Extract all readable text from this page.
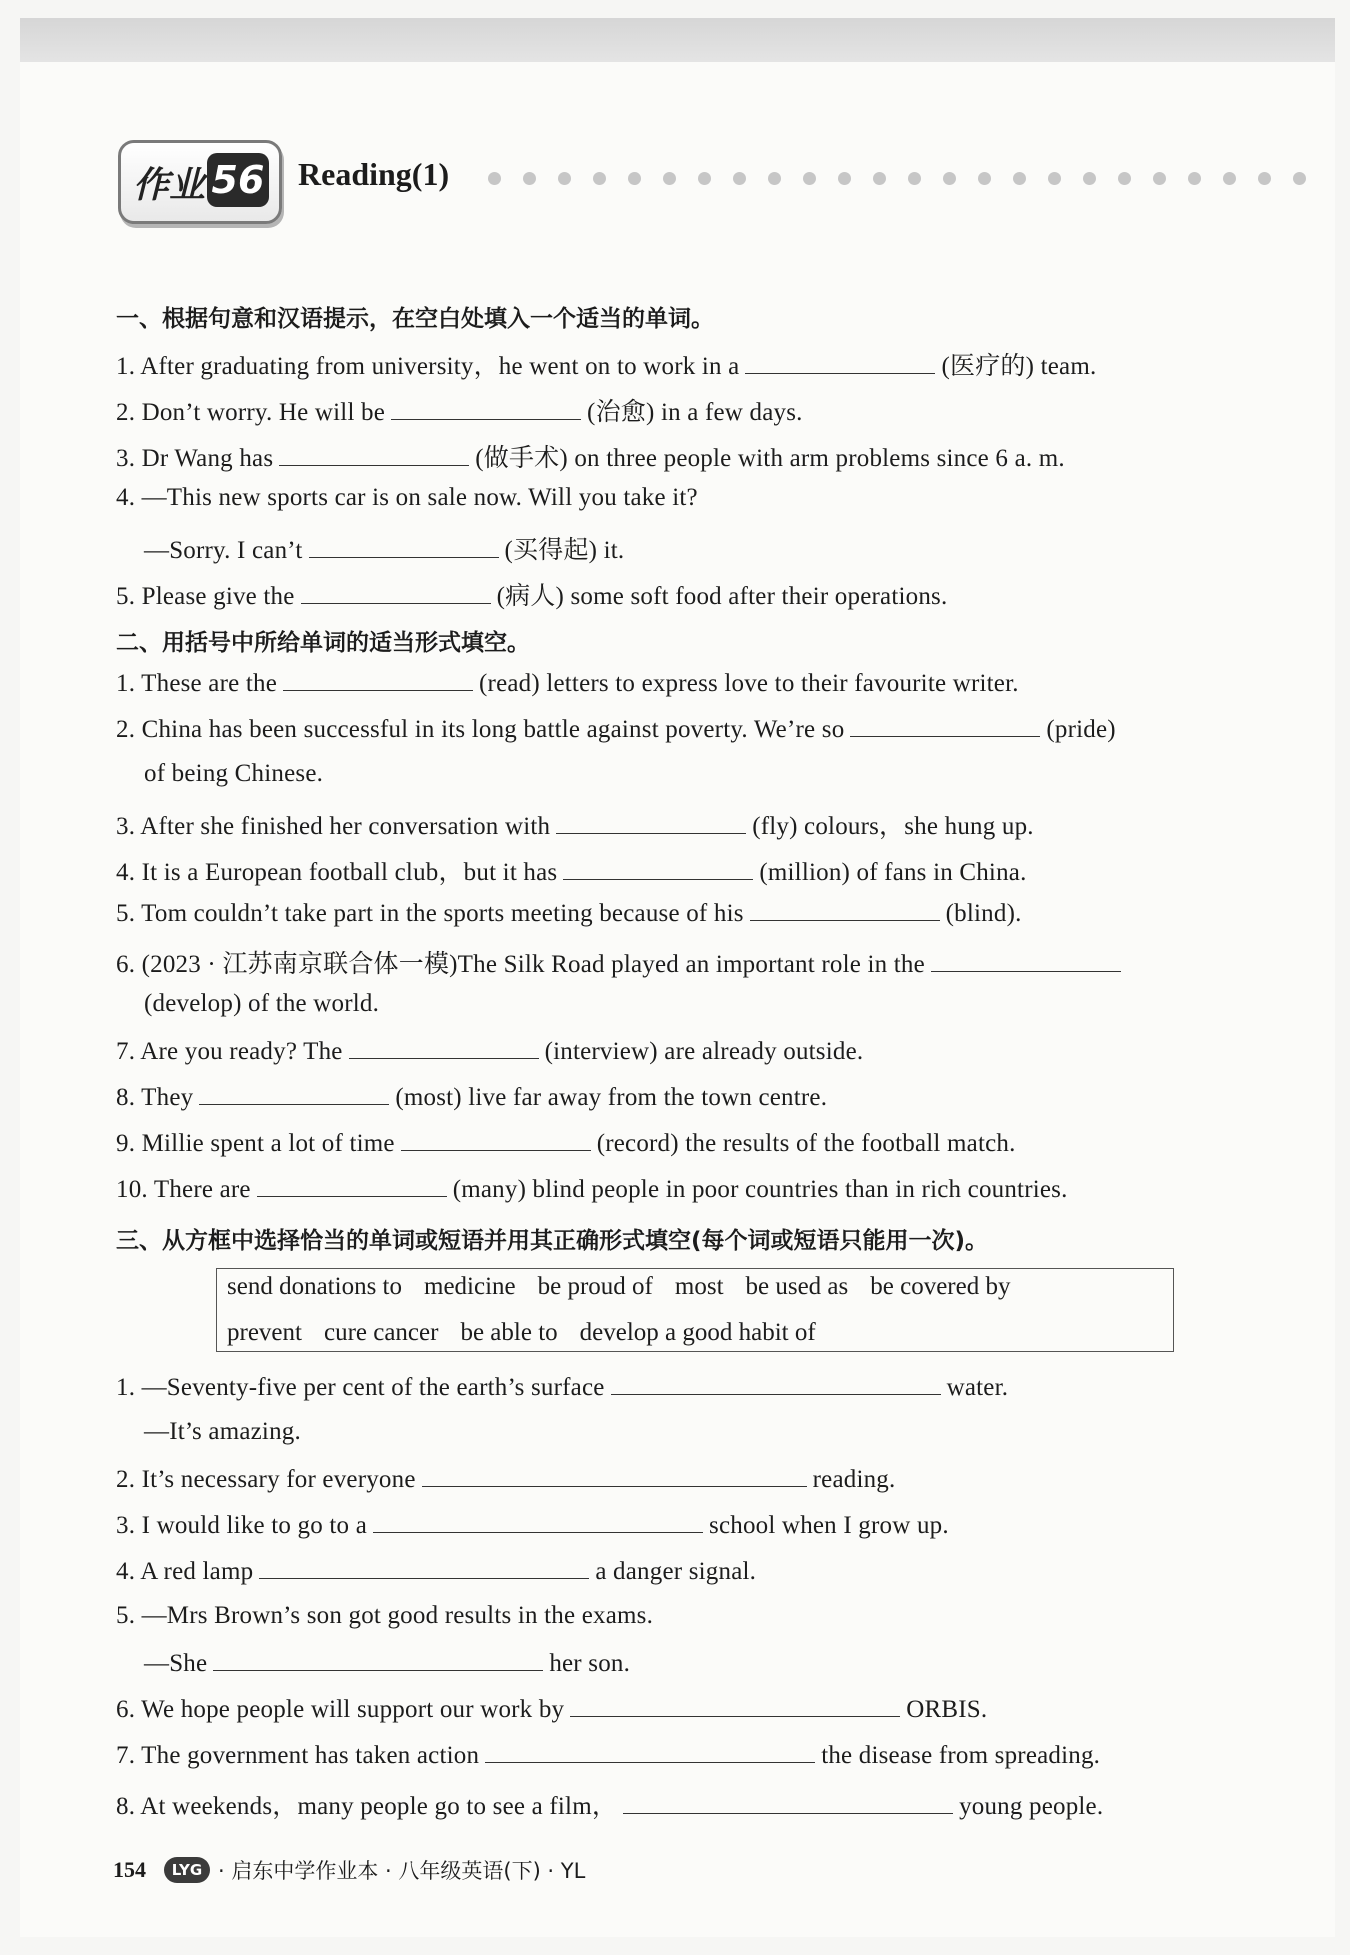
作业 56 Reading(1)
一、根据句意和汉语提示，在空白处填入一个适当的单词。
1. After graduating from university，he went on to work in a	(医疗的) team.
2. Don’t worry. He will be	(治愈) in a few days.
3. Dr Wang has	(做手术) on three people with arm problems since 6 a. m.
4. —This new sports car is on sale now. Will you take it?
—Sorry. I can’t	(买得起) it.
5. Please give the	(病人) some soft food after their operations.
二、用括号中所给单词的适当形式填空。
1. These are the	(read) letters to express love to their favourite writer.
2. China has been successful in its long battle against poverty. We’re so	(pride)
of being Chinese.
3. After she finished her conversation with	(fly) colours，she hung up.
4. It is a European football club，but it has	(million) of fans in China.
5. Tom couldn’t take part in the sports meeting because of his	(blind).
6. (2023 · 江苏南京联合体一模)The Silk Road played an important role in the
(develop) of the world.
7. Are you ready? The	(interview) are already outside.
8. They	(most) live far away from the town centre.
9. Millie spent a lot of time	(record) the results of the football match.
10. There are	(many) blind people in poor countries than in rich countries.
三、从方框中选择恰当的单词或短语并用其正确形式填空(每个词或短语只能用一次)。
send donations to medicine be proud of most be used as be covered by
prevent cure cancer be able to develop a good habit of
1. —Seventy-five per cent of the earth’s surface	water.
—It’s amazing.
2. It’s necessary for everyone	reading.
3. I would like to go to a	school when I grow up.
4. A red lamp	a danger signal.
5. —Mrs Brown’s son got good results in the exams.
—She	her son.
6. We hope people will support our work by	ORBIS.
7. The government has taken action	the disease from spreading.
8. At weekends，many people go to see a film，	young people.
154	LYG · 启东中学作业本 · 八年级英语(下) · YL
